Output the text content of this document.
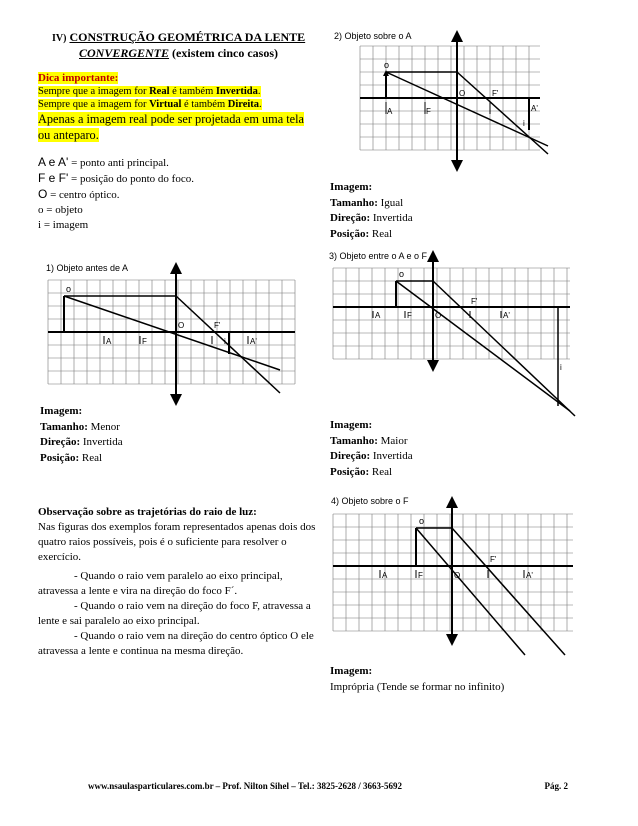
IV) CONSTRUÇÃO GEOMÉTRICA DA LENTE
CONVERGENTE (existem cinco casos)
Dica importante:
Sempre que a imagem for Real é também Invertida.
Sempre que a imagem for Virtual é também Direita.
Apenas a imagem real pode ser projetada em uma tela ou anteparo.
A e A' = ponto anti principal.
F e F' = posição do ponto do foco.
O = centro óptico.
o = objeto
i = imagem
2) Objeto sobre o A
o
A	F
O	F'
A'
i
Imagem:
Tamanho: Igual
Direção: Invertida
Posição: Real
1) Objeto antes de A
o
A	F
O	F'
i	A'
Imagem:
Tamanho: Menor
Direção: Invertida
Posição: Real
3) Objeto entre o A e o F
o
A	F	O
F'
A'
i
Imagem:
Tamanho: Maior
Direção: Invertida
Posição: Real
Observação sobre as trajetórias do raio de luz:
Nas figuras dos exemplos foram representados apenas dois dos quatro raios possíveis, pois é o suficiente para resolver o exercício.
- Quando o raio vem paralelo ao eixo principal, atravessa a lente e vira na direção do foco F´.
- Quando o raio vem na direção do foco F, atravessa a lente e sai paralelo ao eixo principal.
- Quando o raio vem na direção do centro óptico O ele atravessa a lente e continua na mesma direção.
4) Objeto sobre o F
o
A	F	O
F'
A'
Imagem:
Imprópria (Tende se formar no infinito)
www.nsaulasparticulares.com.br – Prof. Nilton Sihel – Tel.: 3825-2628 / 3663-5692	Pág. 2
